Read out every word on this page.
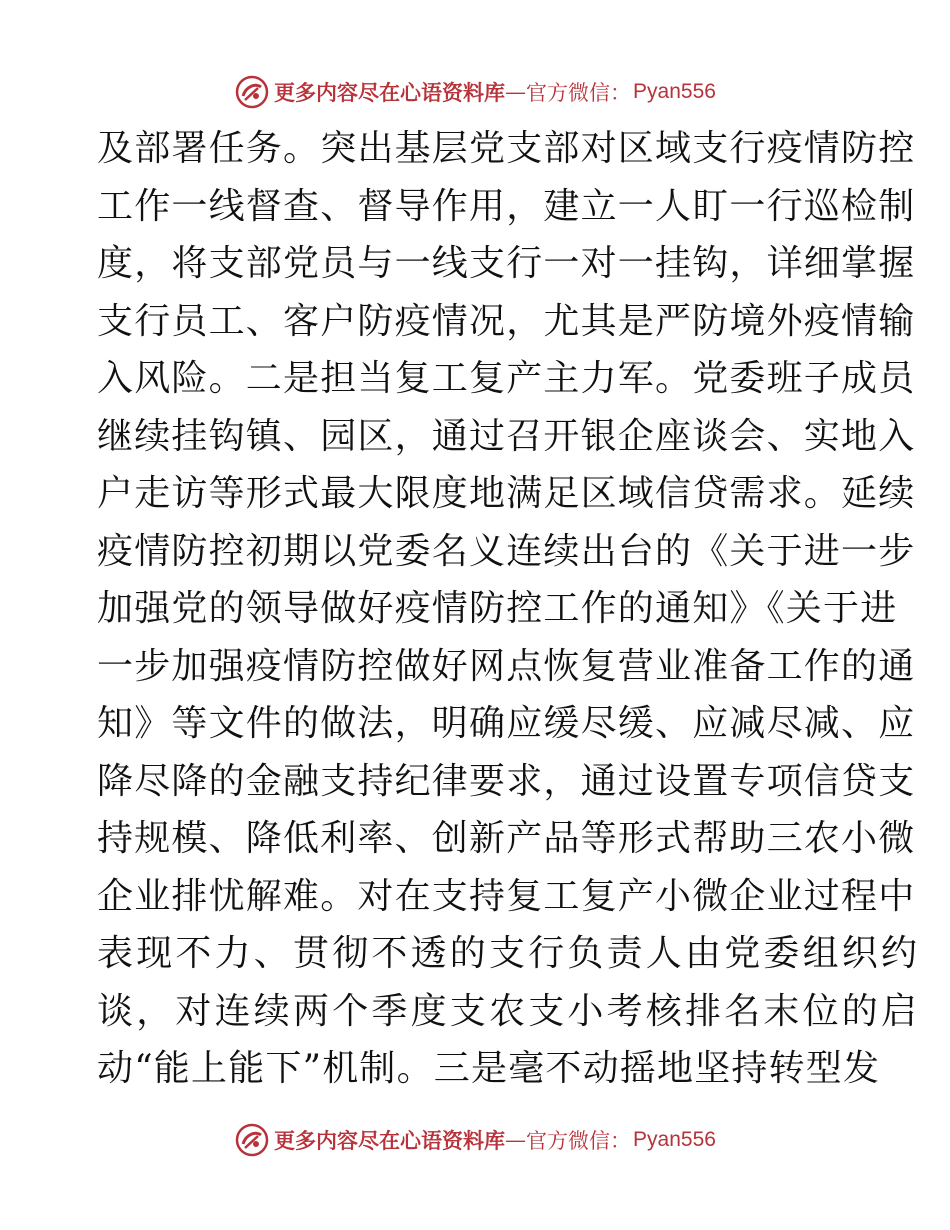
更多内容尽在心语资料库 — 官方微信： Pyan556
及部署任务。突出基层党支部对区域支行疫情防控
工作一线督查、督导作用，建立一人盯一行巡检制
度，将支部党员与一线支行一对一挂钩，详细掌握
支行员工、客户防疫情况，尤其是严防境外疫情输
入风险。二是担当复工复产主力军。党委班子成员
继续挂钩镇、园区，通过召开银企座谈会、实地入
户走访等形式最大限度地满足区域信贷需求。延续
疫情防控初期以党委名义连续出台的《关于进一步
加强党的领导做好疫情防控工作的通知》《关于进
一步加强疫情防控做好网点恢复营业准备工作的通
知》等文件的做法，明确应缓尽缓、应减尽减、应
降尽降的金融支持纪律要求，通过设置专项信贷支
持规模、降低利率、创新产品等形式帮助三农小微
企业排忧解难。对在支持复工复产小微企业过程中
表现不力、贯彻不透的支行负责人由党委组织约
谈，对连续两个季度支农支小考核排名末位的启
动“能上能下”机制。三是毫不动摇地坚持转型发
更多内容尽在心语资料库 — 官方微信： Pyan556
